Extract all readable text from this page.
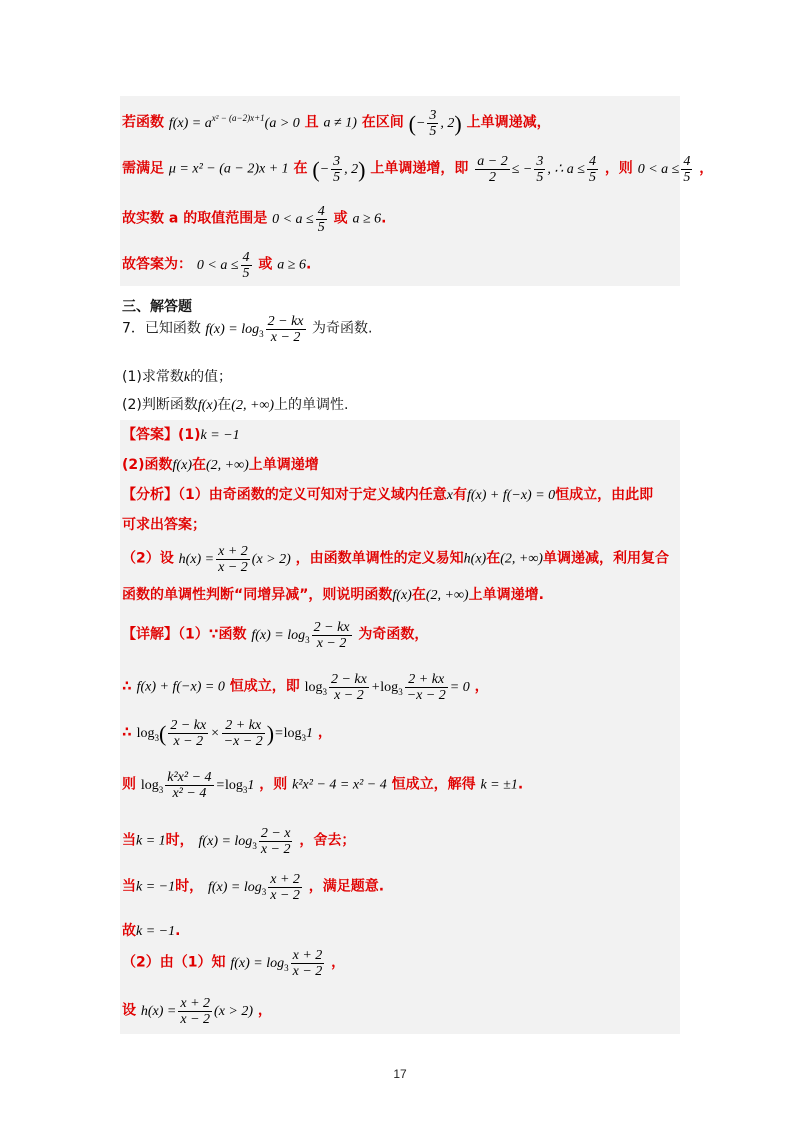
若函数 $f(x) = a^{x^2 - (a-2)x+1}(a > 0$ 且 a ≠ 1) 在区间 (− $\frac{3}{5}$ , 2) 上单调递减，
需满足 μ = x² − (a − 2)x + 1 在 (− $\frac{3}{5}$ , 2) 上单调递增，即 $\frac{a - 2}{2}$ ≤ − $\frac{3}{5}$ , ∴ $a \le \frac{4}{5}$ ，则 $0 < a \le \frac{4}{5}$ ，
故实数 a 的取值范围是 $0 < a \le \frac{4}{5}$ 或 a ≥ 6.
故答案为： $0 < a \le \frac{4}{5}$ 或 a ≥ 6.
三、解答题
7．已知函数 $f(x) = \log_3 \frac{2 - kx}{x - 2}$ 为奇函数.
(1)求常数k的值；
(2)判断函数f(x)在(2, +∞)上的单调性.
【答案】(1)k = −1
(2)函数f(x)在(2, +∞)上单调递增
【分析】（1）由奇函数的定义可知对于定义域内任意x有f(x) + f(−x) = 0恒成立，由此即
可求出答案；
（2）设 $h(x) = \frac{x + 2}{x - 2} (x > 2)$ ，由函数单调性的定义易知h(x)在(2, +∞)单调递减，利用复合
函数的单调性判断“同增异减”，则说明函数f(x)在(2, +∞)上单调递增.
【详解】（1）∵函数 $f(x) = \log_3 \frac{2 - kx}{x - 2}$ 为奇函数，
∴ f(x) + f(−x) = 0 恒成立，即 $\log_3 \frac{2 - kx}{x - 2} +\log_3 \frac{2 + kx}{-x - 2} = 0$ ，
∴ $\log_3( \frac{2 - kx}{x - 2} \times \frac{2 + kx}{-x - 2} )=\log_31$ ，
则 $\log_3 \frac{\text{k²x² − 4}}{\text{x² − 4}} =\log_31$ ，则 k²x² − 4 = x² − 4 恒成立，解得 k = ±1.
当k = 1时， $f(x) = \log_3 \frac{2 - x}{x - 2}$ ，舍去；
当k = −1时， $f(x) = \log_3 \frac{x + 2}{x - 2}$ ，满足题意.
故k = −1.
（2）由（1）知 $f(x) = \log_3 \frac{x + 2}{x - 2}$ ，
设 $h(x) = \frac{x + 2}{x - 2} (x > 2)$ ，
17
